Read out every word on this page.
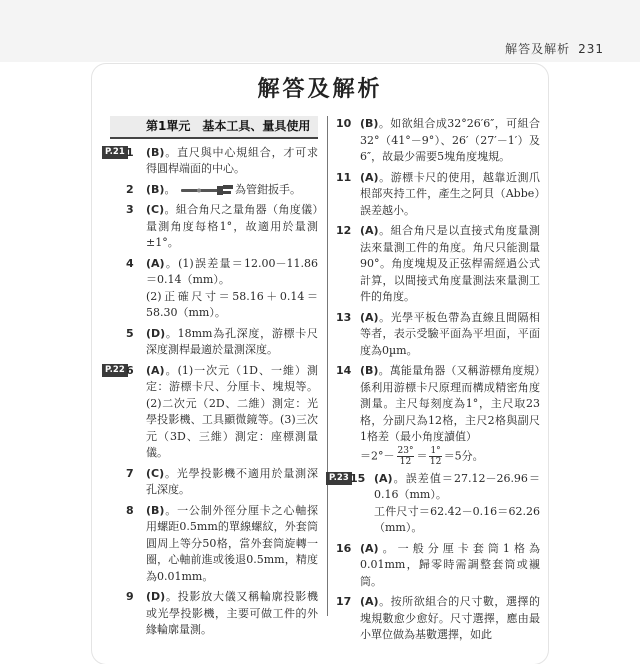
解答及解析 231
解答及解析
第1單元　基本工具、量具使用
P.21 1 (B)。直尺與中心規組合，才可求得圓桿端面的中心。
2 (B)。	為管鉗扳手。
3 (C)。組合角尺之量角器（角度儀）量測角度每格1°，故適用於量測±1°。
4 (A)。(1)誤差量＝12.00－11.86＝0.14（mm）。
(2)正確尺寸＝58.16＋0.14＝58.30（mm）。
5 (D)。18mm為孔深度，游標卡尺深度測桿最適於量測深度。
P.22 6 (A)。(1)一次元（1D、一維）測定：游標卡尺、分厘卡、塊規等。(2)二次元（2D、二維）測定：光學投影機、工具顯微鏡等。(3)三次元（3D、三維）測定：座標測量儀。
7 (C)。光學投影機不適用於量測深孔深度。
8 (B)。一公制外徑分厘卡之心軸探用螺距0.5mm的單線螺紋，外套筒圓周上等分50格，當外套筒旋轉一圈，心軸前進或後退0.5mm，精度為0.01mm。
9 (D)。投影放大儀又稱輪廓投影機或光學投影機，主要可做工件的外緣輪廓量測。
10 (B)。如欲組合成32°26′6″，可組合32°（41°－9°）、26′（27′－1′）及6″，故最少需要5塊角度塊規。
11 (A)。游標卡尺的使用，越靠近測爪根部夾持工件，產生之阿貝（Abbe）誤差越小。
12 (A)。組合角尺是以直接式角度量測法來量測工件的角度。角尺只能測量90°。角度塊規及正弦桿需經過公式計算，以間接式角度量測法來量測工件的角度。
13 (A)。光學平板色帶為直線且間隔相等者，表示受驗平面為平坦面，平面度為0µm。
14 (B)。萬能量角器（又稱游標角度規）係利用游標卡尺原理而構成精密角度測量。主尺每刻度為1°，主尺取23格，分副尺為12格，主尺2格與副尺1格差（最小角度讀值）
$=2^\circ- \frac{23^\circ}{12} = \frac{1^\circ}{12} =5$分。
P.23 15 (A)。誤差值＝27.12－26.96＝0.16（mm）。
工件尺寸＝62.42－0.16＝62.26（mm）。
16 (A)。一般分厘卡套筒1格為0.01mm，歸零時需調整套筒或襯筒。
17 (A)。按所欲組合的尺寸數，選擇的塊規數愈少愈好。尺寸選擇，應由最小單位做為基數選擇，如此
